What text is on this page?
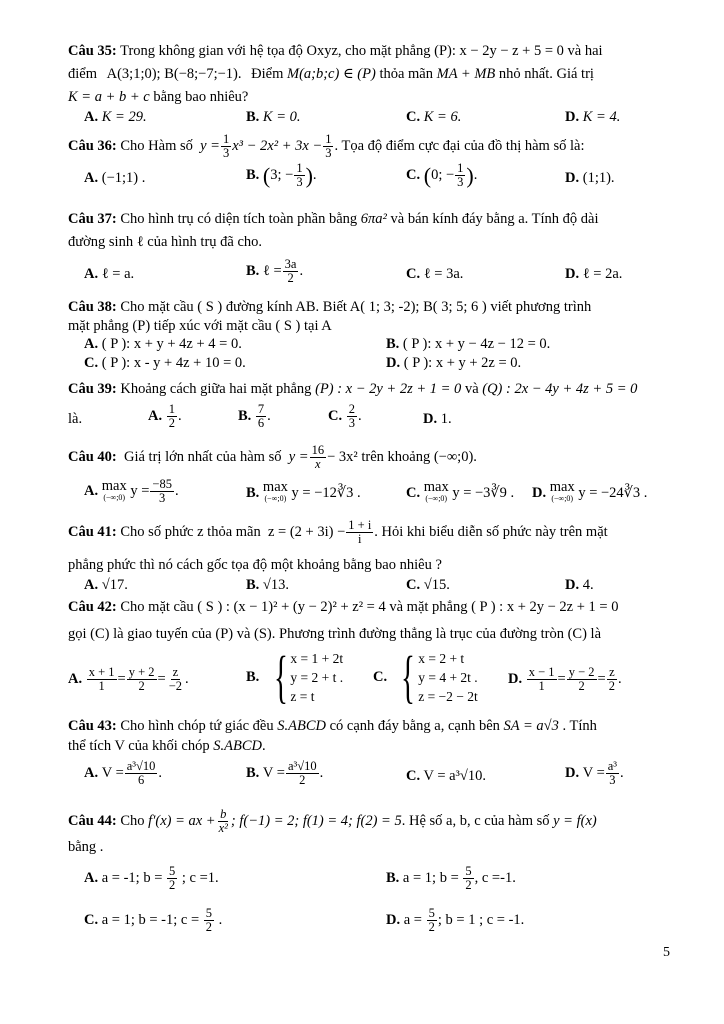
Câu 35: Trong không gian với hệ tọa độ Oxyz, cho mặt phẳng (P): x − 2y − z + 5 = 0 và hai
điểm A(3;1;0); B(−8;−7;−1). Điểm M(a;b;c) ∈ (P) thỏa mãn MA + MB nhỏ nhất. Giá trị
K = a + b + c bằng bao nhiêu?
A. K = 29.	B. K = 0.	C. K = 6.	D. K = 4.
Câu 36:
Cho Hàm số
$y = \frac{1}{3} x^3 - 2x^2 + 3x - \frac{1}{3}$ . Tọa độ điểm cực đại của đồ thị hàm số là:
A. (−1;1) .	B.
( 3; − $\frac{1}{3}$ ) .	C.
( 0; − $\frac{1}{3}$ ) .	D. (1;1).
Câu 37: Cho hình trụ có diện tích toàn phần bằng 6πa² và bán kính đáy bằng a. Tính độ dài
đường sinh ℓ của hình trụ đã cho.
A. ℓ = a.	B.
ℓ = $\frac{3a}{2}$ .	C. ℓ = 3a.	D. ℓ = 2a.
Câu 38: Cho mặt cầu ( S ) đường kính AB. Biết A( 1; 3; -2); B( 3; 5; 6 ) viết phương trình
mặt phẳng (P) tiếp xúc với mặt cầu ( S ) tại A
A. ( P ): x + y + 4z + 4 = 0.	B. ( P ): x + y − 4z − 12 = 0.
C. ( P ): x - y + 4z + 10 = 0.	D. ( P ): x + y + 2z = 0.
Câu 39: Khoảng cách giữa hai mặt phẳng (P) : x − 2y + 2z + 1 = 0 và (Q) : 2x − 4y + 4z + 5 = 0
là.	A.
$\frac{1}{2}$ .	B.
$\frac{7}{6}$ .	C.
$\frac{2}{3}$ .	D. 1.
Câu 40:
Giá trị lớn nhất của hàm số
$y = \frac{16}{x} - 3x^2$
trên khoảng
(−∞;0).
A.
max
(−∞;0) $y = \frac{-85}{3}$ .	B.
max
(−∞;0)
y = −12∛3 .	C.
max
(−∞;0)
y = −3∛9 . D.
max
(−∞;0)
y = −24∛3 .
Câu 41:
Cho số phức z thỏa mãn
$z = (2 + 3i) - \frac{1 + i}{i}$ . Hỏi khi biểu diễn số phức này trên mặt
phẳng phức thì nó cách gốc tọa độ một khoảng bằng bao nhiêu ?
A. √17.	B. √13.	C. √15.	D. 4.
Câu 42: Cho mặt cầu ( S ) : (x − 1)² + (y − 2)² + z² = 4 và mặt phẳng ( P ) : x + 2y − 2z + 1 = 0
gọi (C) là giao tuyến của (P) và (S). Phương trình đường thẳng là trục của đường tròn (C) là
A.
$\frac{x + 1}{1} = \frac{y + 2}{2} = \frac{z}{-2}$ .	B.
{ x = 1 + 2t
y = 2 + t .
z = t
C.
{ x = 2 + t
y = 4 + 2t .
z = −2 − 2t
D.
$\frac{x - 1}{1} = \frac{y - 2}{2} = \frac{z}{2}$ .
Câu 43: Cho hình chóp tứ giác đều S.ABCD có cạnh đáy bằng a, cạnh bên SA = a√3 . Tính
thể tích V của khối chóp S.ABCD.
A.
$V = \frac{\text{a³√10}}{6}$ .	B.
$V = \frac{\text{a³√10}}{2}$ .	C. V = a³√10.	D.
$V = \frac{\text{a³}}{3}$ .
Câu 44:
Cho
f′(x) = ax + $\frac{b}{\text{x²}}$ ; f(−1) = 2; f(1) = 4; f(2) = 5 . Hệ số a, b, c của hàm số
y = f(x)
bằng .
A.
a = -1; b =
$\frac{5}{2}$
; c =1.	B.
a = 1; b =
$\frac{5}{2}$ , c =-1.
C.
a = 1; b = -1; c =
$\frac{5}{2}$
.	D.
a =
$\frac{5}{2}$ ; b = 1 ; c = -1.
5
